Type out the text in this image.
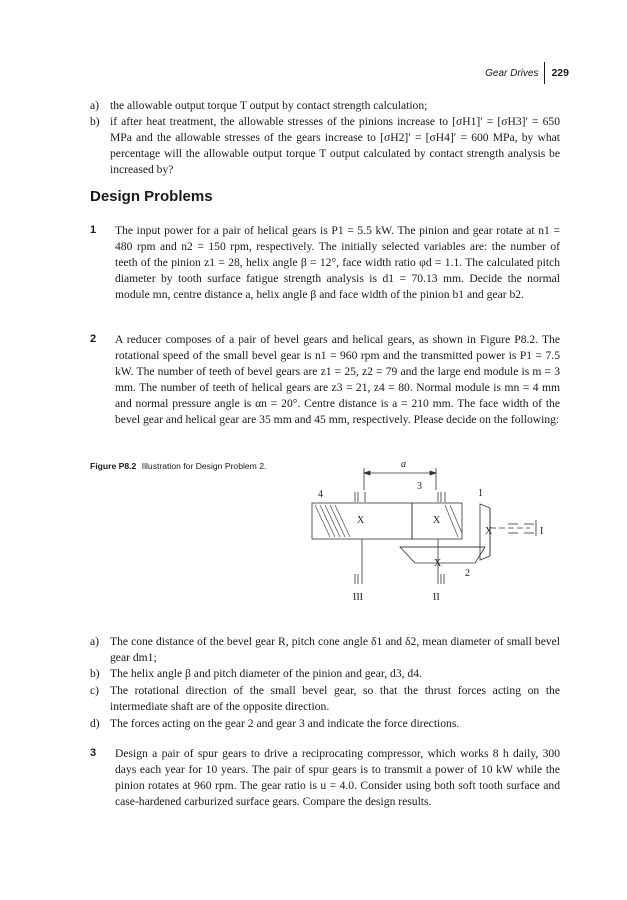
Gear Drives 229
a) the allowable output torque T output by contact strength calculation;
b) if after heat treatment, the allowable stresses of the pinions increase to [σH1]′ = [σH3]′ = 650 MPa and the allowable stresses of the gears increase to [σH2]′ = [σH4]′ = 600 MPa, by what percentage will the allowable output torque T output calculated by contact strength analysis be increased by?
Design Problems
1 The input power for a pair of helical gears is P1 = 5.5 kW. The pinion and gear rotate at n1 = 480 rpm and n2 = 150 rpm, respectively. The initially selected variables are: the number of teeth of the pinion z1 = 28, helix angle β = 12°, face width ratio φd = 1.1. The calculated pitch diameter by tooth surface fatigue strength analysis is d1 = 70.13 mm. Decide the normal module mn, centre distance a, helix angle β and face width of the pinion b1 and gear b2.
2 A reducer composes of a pair of bevel gears and helical gears, as shown in Figure P8.2. The rotational speed of the small bevel gear is n1 = 960 rpm and the transmitted power is P1 = 7.5 kW. The number of teeth of bevel gears are z1 = 25, z2 = 79 and the large end module is m = 3 mm. The number of teeth of helical gears are z3 = 21, z4 = 80. Normal module is mn = 4 mm and normal pressure angle is αn = 20°. Centre distance is a = 210 mm. The face width of the bevel gear and helical gear are 35 mm and 45 mm, respectively. Please decide on the following:
Figure P8.2 Illustration for Design Problem 2.	a
4
3
1
2
X	X
X
X	I
II
III
a) The cone distance of the bevel gear R, pitch cone angle δ1 and δ2, mean diameter of small bevel gear dm1;
b) The helix angle β and pitch diameter of the pinion and gear, d3, d4.
c) The rotational direction of the small bevel gear, so that the thrust forces acting on the intermediate shaft are of the opposite direction.
d) The forces acting on the gear 2 and gear 3 and indicate the force directions.
3 Design a pair of spur gears to drive a reciprocating compressor, which works 8 h daily, 300 days each year for 10 years. The pair of spur gears is to transmit a power of 10 kW while the pinion rotates at 960 rpm. The gear ratio is u = 4.0. Consider using both soft tooth surface and case-hardened carburized surface gears. Compare the design results.
